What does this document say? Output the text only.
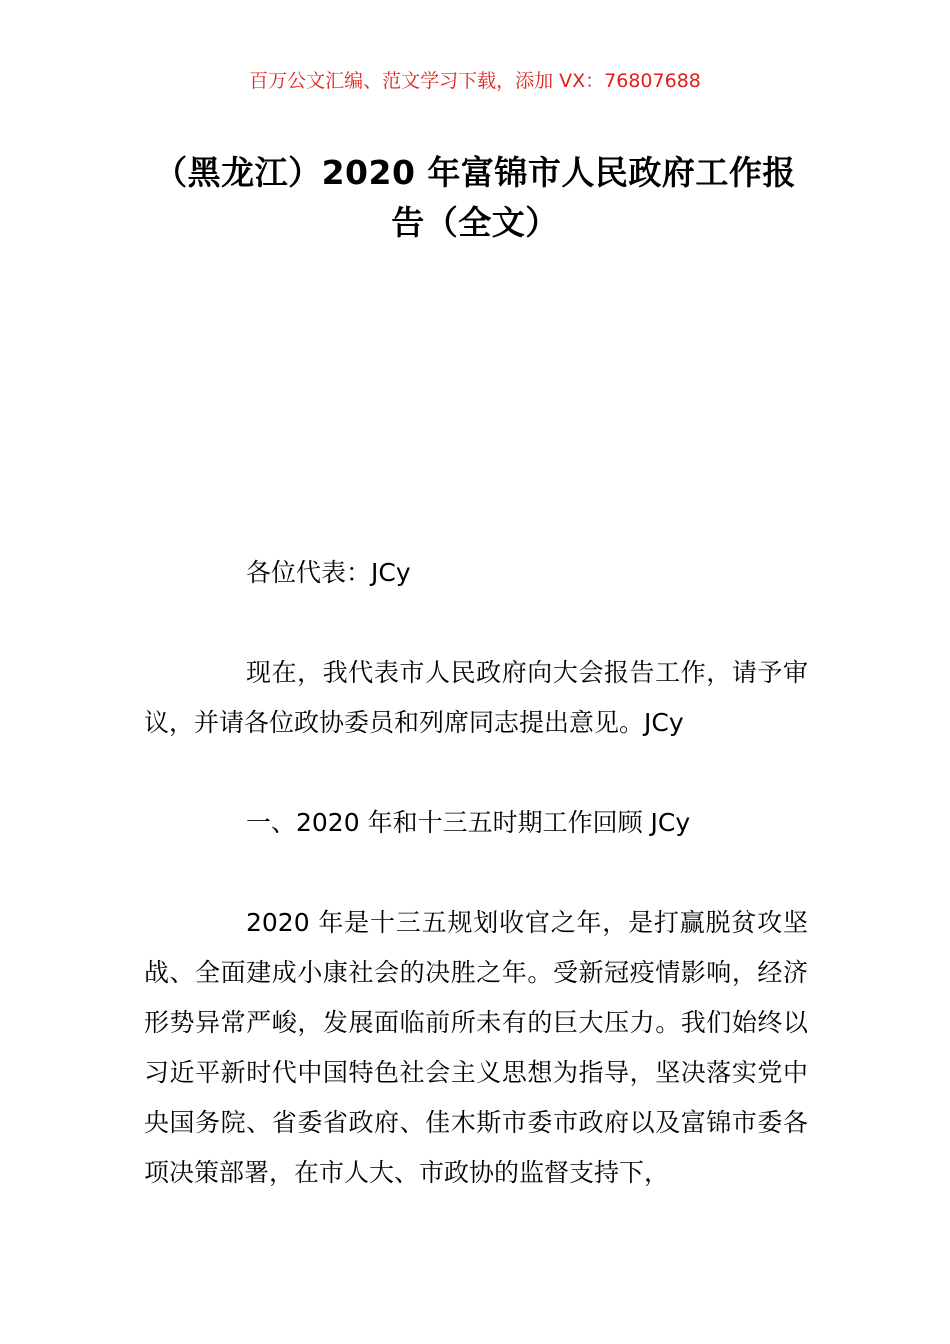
百万公文汇编、范文学习下载，添加 VX：76807688
（黑龙江）2020 年富锦市人民政府工作报告（全文）

各位代表：JCy

现在，我代表市人民政府向大会报告工作，请予审议，并请各位政协委员和列席同志提出意见。JCy

一、2020 年和十三五时期工作回顾 JCy

2020 年是十三五规划收官之年，是打赢脱贫攻坚战、全面建成小康社会的决胜之年。受新冠疫情影响，经济形势异常严峻，发展面临前所未有的巨大压力。我们始终以习近平新时代中国特色社会主义思想为指导，坚决落实党中央国务院、省委省政府、佳木斯市委市政府以及富锦市委各项决策部署，在市人大、市政协的监督支持下，
